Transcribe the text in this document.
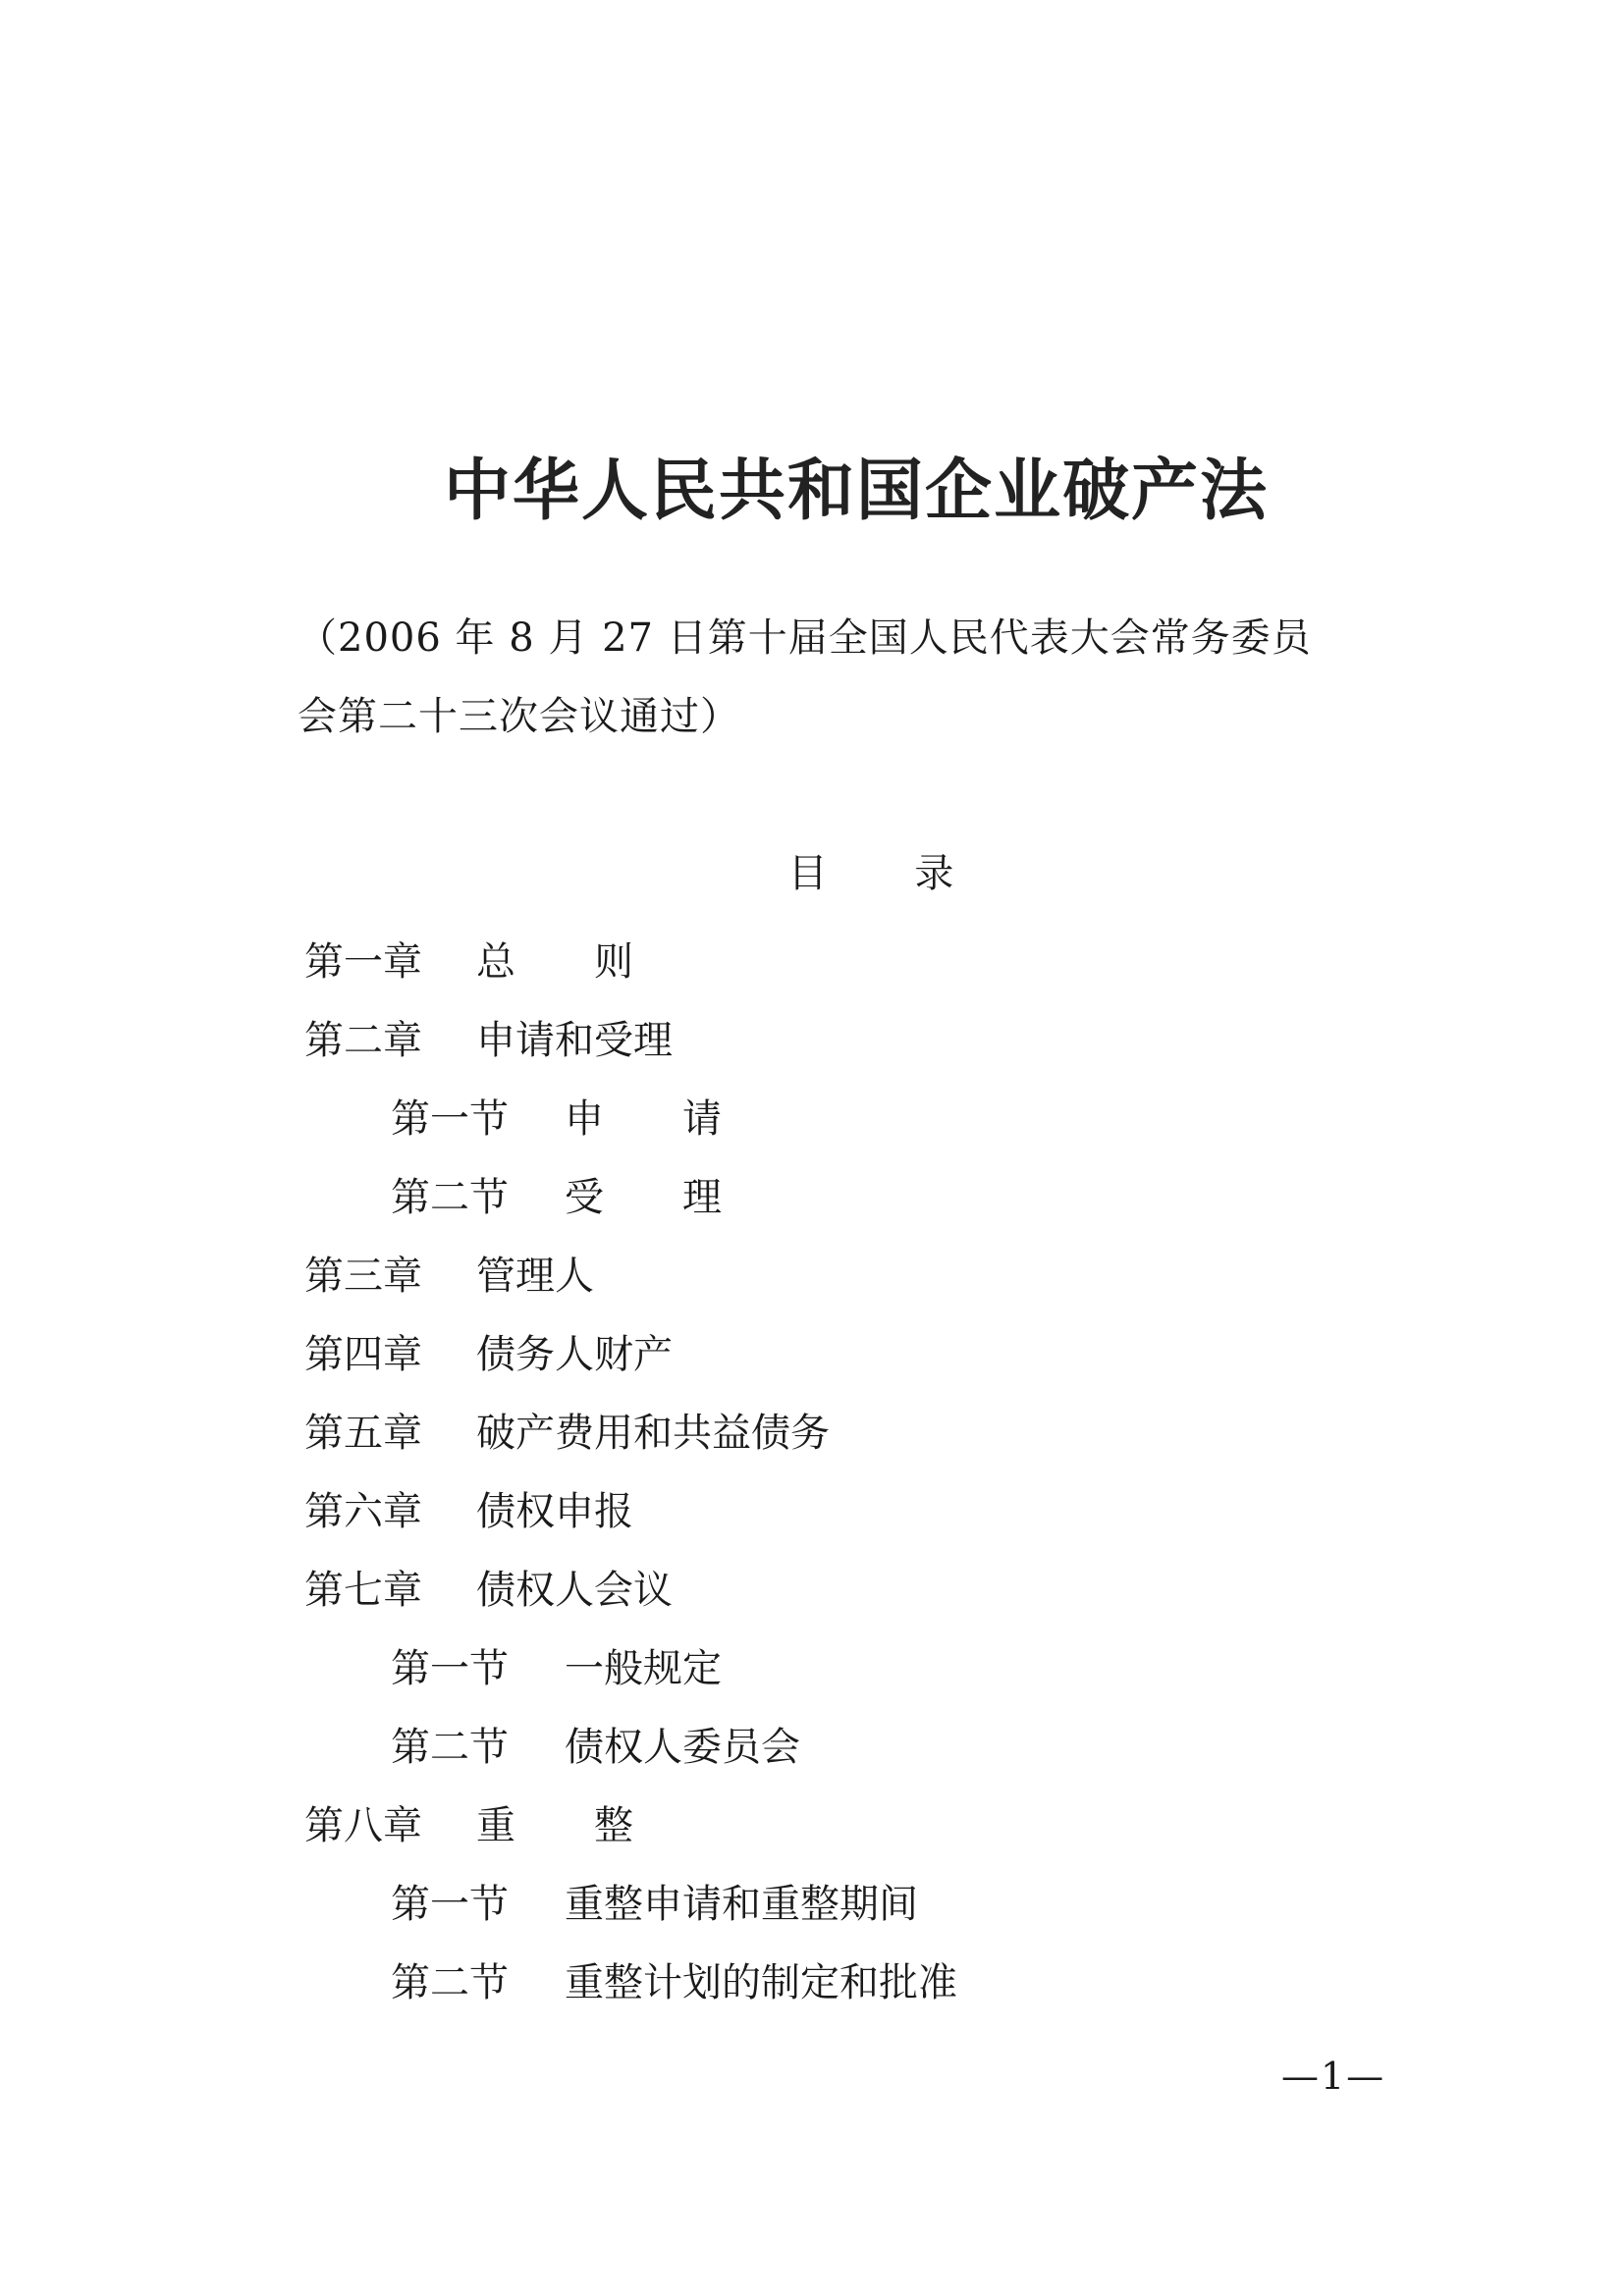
中华人民共和国企业破产法
（2006 年 8 月 27 日第十届全国人民代表大会常务委员
会第二十三次会议通过）
目 录
第一章 总　　则
第二章 申请和受理
第一节 申　　请
第二节 受　　理
第三章 管理人
第四章 债务人财产
第五章 破产费用和共益债务
第六章 债权申报
第七章 债权人会议
第一节 一般规定
第二节 债权人委员会
第八章 重　　整
第一节 重整申请和重整期间
第二节 重整计划的制定和批准
—1—
